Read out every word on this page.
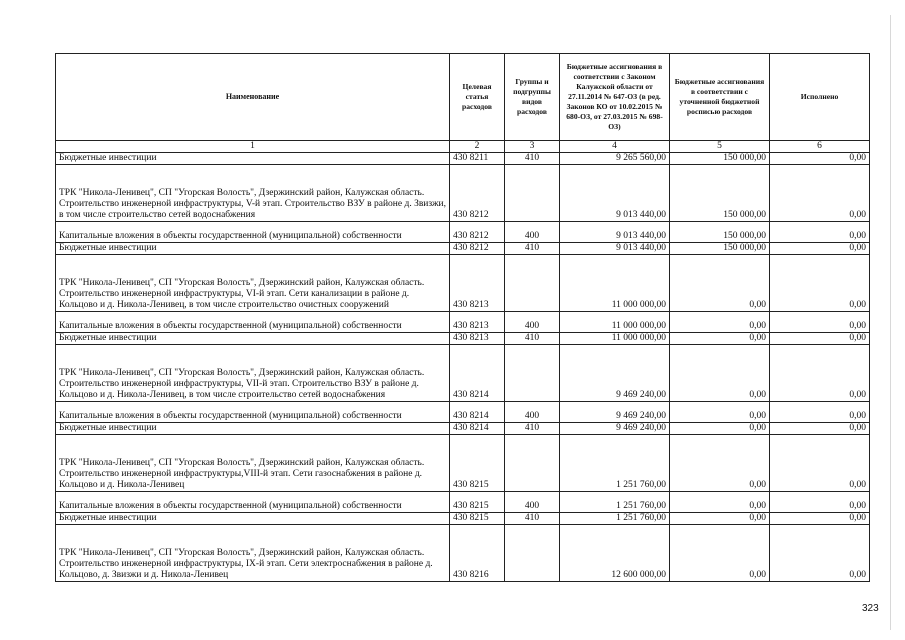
Наименование	Целевая статья расходов	Группы и подгруппы видов расходов	Бюджетные ассигнования в соответствии с Законом Калужской области от 27.11.2014 № 647-ОЗ (в ред. Законов КО от 10.02.2015 № 680-ОЗ, от 27.03.2015 № 698-ОЗ)	Бюджетные ассигнования в соответствии с уточненной бюджетной росписью расходов	Исполнено
1	2	3	4	5	6
Бюджетные инвестиции	430 8211	410	9 265 560,00	150 000,00	0,00
ТРК "Никола-Ленивец", СП "Угорская Волость", Дзержинский район, Калужская область. Строительство инженерной инфраструктуры, V-й этап. Строительство ВЗУ в районе д. Звизжи, в том числе строительство сетей водоснабжения	430 8212		9 013 440,00	150 000,00	0,00
Капитальные вложения в объекты государственной (муниципальной) собственности	430 8212	400	9 013 440,00	150 000,00	0,00
Бюджетные инвестиции	430 8212	410	9 013 440,00	150 000,00	0,00
ТРК "Никола-Ленивец", СП "Угорская Волость", Дзержинский район, Калужская область. Строительство инженерной инфраструктуры, VI-й этап. Сети канализации в районе д. Кольцово и д. Никола-Ленивец, в том числе строительство очистных сооружений	430 8213		11 000 000,00	0,00	0,00
Капитальные вложения в объекты государственной (муниципальной) собственности	430 8213	400	11 000 000,00	0,00	0,00
Бюджетные инвестиции	430 8213	410	11 000 000,00	0,00	0,00
ТРК "Никола-Ленивец", СП "Угорская Волость", Дзержинский район, Калужская область. Строительство инженерной инфраструктуры, VII-й этап. Строительство ВЗУ в районе д. Кольцово и д. Никола-Ленивец, в том числе строительство сетей водоснабжения	430 8214		9 469 240,00	0,00	0,00
Капитальные вложения в объекты государственной (муниципальной) собственности	430 8214	400	9 469 240,00	0,00	0,00
Бюджетные инвестиции	430 8214	410	9 469 240,00	0,00	0,00
ТРК "Никола-Ленивец", СП "Угорская Волость", Дзержинский район, Калужская область. Строительство инженерной инфраструктуры,VIII-й этап. Сети газоснабжения в районе д. Кольцово и д. Никола-Ленивец	430 8215		1 251 760,00	0,00	0,00
Капитальные вложения в объекты государственной (муниципальной) собственности	430 8215	400	1 251 760,00	0,00	0,00
Бюджетные инвестиции	430 8215	410	1 251 760,00	0,00	0,00
ТРК "Никола-Ленивец", СП "Угорская Волость", Дзержинский район, Калужская область. Строительство инженерной инфраструктуры, IX-й этап. Сети электроснабжения в районе д. Кольцово, д. Звизжи и д. Никола-Ленивец	430 8216		12 600 000,00	0,00	0,00
323
